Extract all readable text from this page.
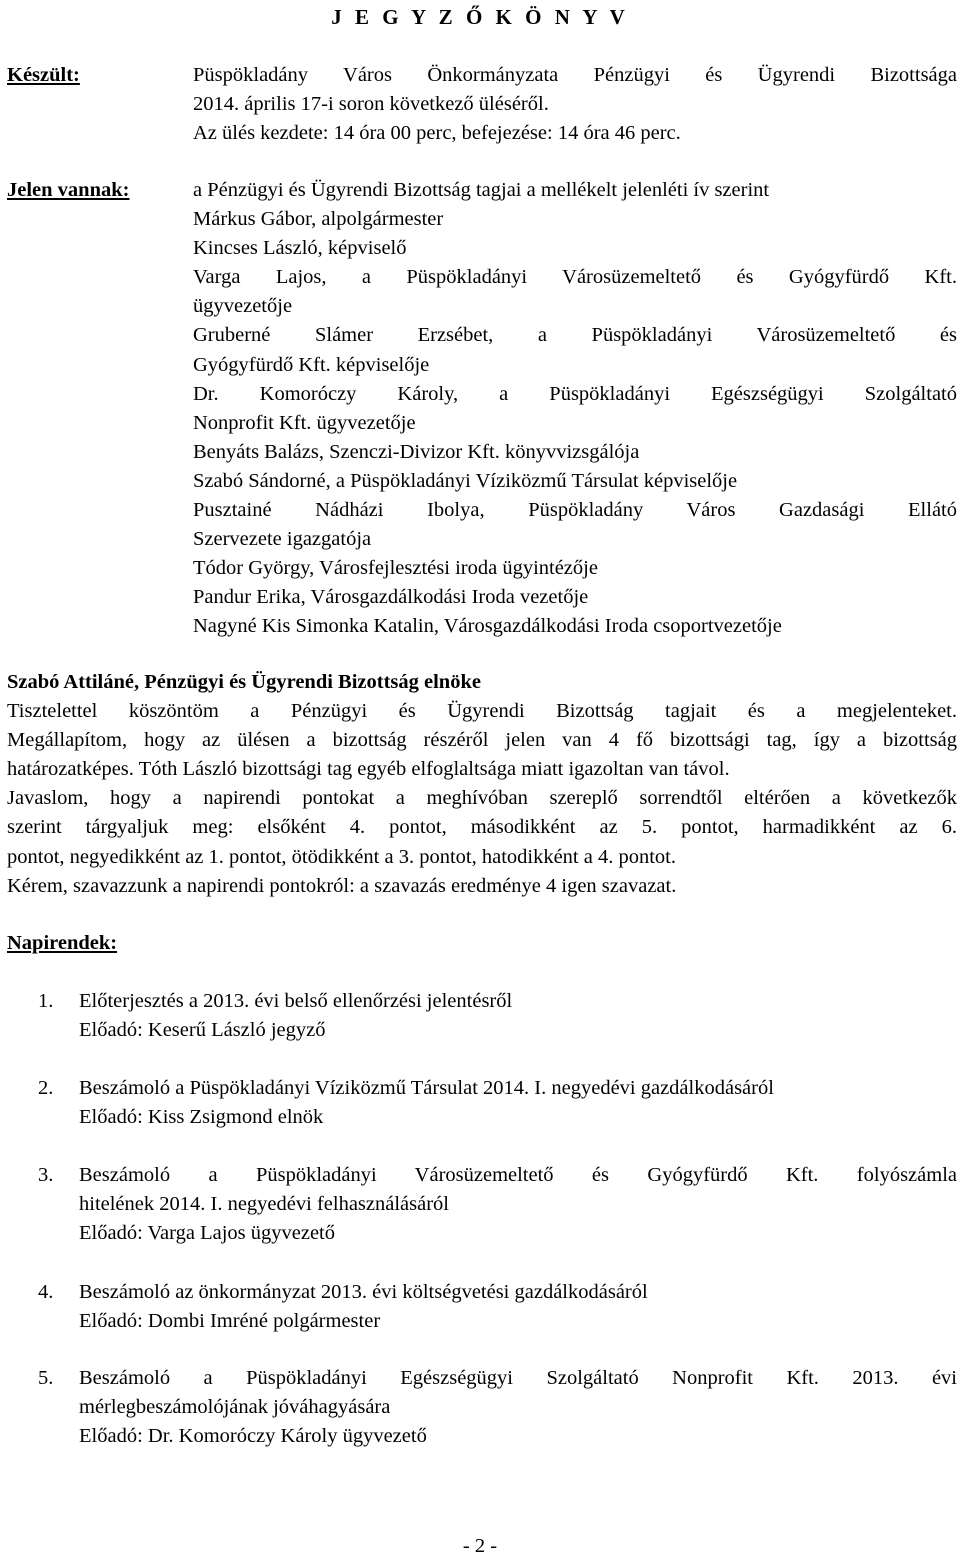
J E G Y Z Ő K Ö N Y V
Készült:	Püspökladány Város Önkormányzata Pénzügyi és Ügyrendi Bizottsága
2014. április 17-i soron következő üléséről.
Az ülés kezdete: 14 óra 00 perc, befejezése: 14 óra 46 perc.
Jelen vannak:	a Pénzügyi és Ügyrendi Bizottság tagjai a mellékelt jelenléti ív szerint
Márkus Gábor, alpolgármester
Kincses László, képviselő
Varga Lajos, a Püspökladányi Városüzemeltető és Gyógyfürdő Kft.
ügyvezetője
Gruberné Slámer Erzsébet, a Püspökladányi Városüzemeltető és
Gyógyfürdő Kft. képviselője
Dr. Komoróczy Károly, a Püspökladányi Egészségügyi Szolgáltató
Nonprofit Kft. ügyvezetője
Benyáts Balázs, Szenczi-Divizor Kft. könyvvizsgálója
Szabó Sándorné, a Püspökladányi Víziközmű Társulat képviselője
Pusztainé Nádházi Ibolya, Püspökladány Város Gazdasági Ellátó
Szervezete igazgatója
Tódor György, Városfejlesztési iroda ügyintézője
Pandur Erika, Városgazdálkodási Iroda vezetője
Nagyné Kis Simonka Katalin, Városgazdálkodási Iroda csoportvezetője
Szabó Attiláné, Pénzügyi és Ügyrendi Bizottság elnöke
Tisztelettel köszöntöm a Pénzügyi és Ügyrendi Bizottság tagjait és a megjelenteket.
Megállapítom, hogy az ülésen a bizottság részéről jelen van 4 fő bizottsági tag, így a bizottság
határozatképes. Tóth László bizottsági tag egyéb elfoglaltsága miatt igazoltan van távol.
Javaslom, hogy a napirendi pontokat a meghívóban szereplő sorrendtől eltérően a következők
szerint tárgyaljuk meg: elsőként 4. pontot, másodikként az 5. pontot, harmadikként az 6.
pontot, negyedikként az 1. pontot, ötödikként a 3. pontot, hatodikként a 4. pontot.
Kérem, szavazzunk a napirendi pontokról: a szavazás eredménye 4 igen szavazat.
Napirendek:
1. Előterjesztés a 2013. évi belső ellenőrzési jelentésről
Előadó: Keserű László jegyző
2. Beszámoló a Püspökladányi Víziközmű Társulat 2014. I. negyedévi gazdálkodásáról
Előadó: Kiss Zsigmond elnök
3. Beszámoló a Püspökladányi Városüzemeltető és Gyógyfürdő Kft. folyószámla
hitelének 2014. I. negyedévi felhasználásáról
Előadó: Varga Lajos ügyvezető
4. Beszámoló az önkormányzat 2013. évi költségvetési gazdálkodásáról
Előadó: Dombi Imréné polgármester
5. Beszámoló a Püspökladányi Egészségügyi Szolgáltató Nonprofit Kft. 2013. évi
mérlegbeszámolójának jóváhagyására
Előadó: Dr. Komoróczy Károly ügyvezető
- 2 -
